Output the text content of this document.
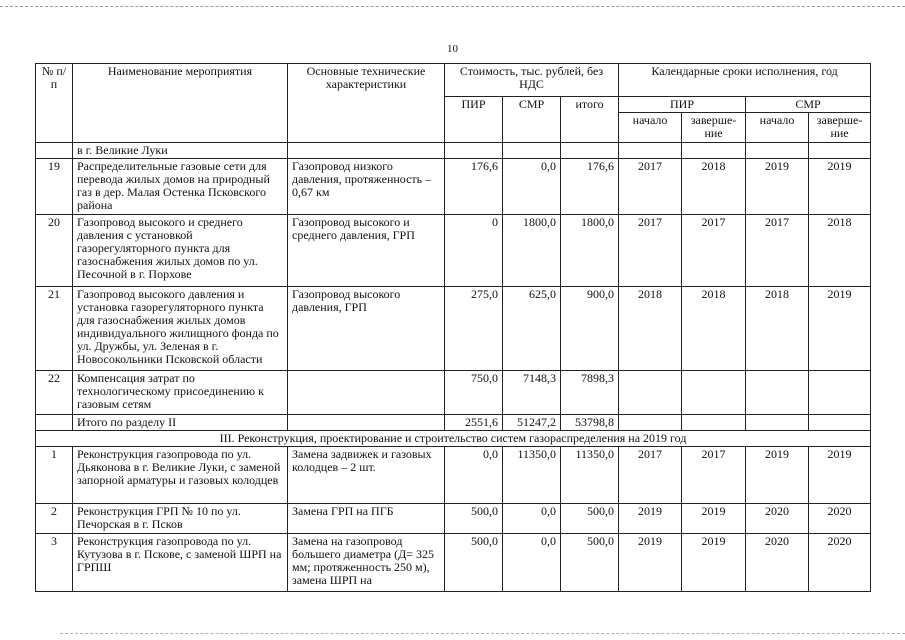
10
№ п/п	Наименование мероприятия	Основные технические характеристики	Стоимость, тыс. рублей, без НДС			Календарные сроки исполнения, год			
			ПИР	СМР	итого	ПИР		СМР	
						начало	заверше-ние	начало	заверше-ние
	в г. Великие Луки								
19	Распределительные газовые сети для перевода жилых домов на природный газ в дер. Малая Остенка Псковского района	Газопровод низкого давления, протяженность – 0,67 км	176,6	0,0	176,6	2017	2018	2019	2019
20	Газопровод высокого и среднего давления с установкой газорегуляторного пункта для газоснабжения жилых домов по ул. Песочной в г. Порхове	Газопровод высокого и среднего давления, ГРП	0	1800,0	1800,0	2017	2017	2017	2018
21	Газопровод высокого давления и установка газорегуляторного пункта для газоснабжения жилых домов индивидуального жилищного фонда по ул. Дружбы, ул. Зеленая в г. Новосокольники Псковской области	Газопровод высокого давления, ГРП	275,0	625,0	900,0	2018	2018	2018	2019
22	Компенсация затрат по технологическому присоединению к газовым сетям		750,0	7148,3	7898,3				
	Итого по разделу II		2551,6	51247,2	53798,8				
III. Реконструкция, проектирование и строительство систем газораспределения на 2019 год									
1	Реконструкция газопровода по ул. Дьяконова в г. Великие Луки, с заменой запорной арматуры и газовых колодцев	Замена задвижек и газовых колодцев – 2 шт.	0,0	11350,0	11350,0	2017	2017	2019	2019
2	Реконструкция ГРП № 10 по ул. Печорская в г. Псков	Замена ГРП на ПГБ	500,0	0,0	500,0	2019	2019	2020	2020
3	Реконструкция газопровода по ул. Кутузова в г. Пскове, с заменой ШРП на ГРПШ	Замена на газопровод большего диаметра (Д= 325 мм; протяженность 250 м), замена ШРП на	500,0	0,0	500,0	2019	2019	2020	2020
